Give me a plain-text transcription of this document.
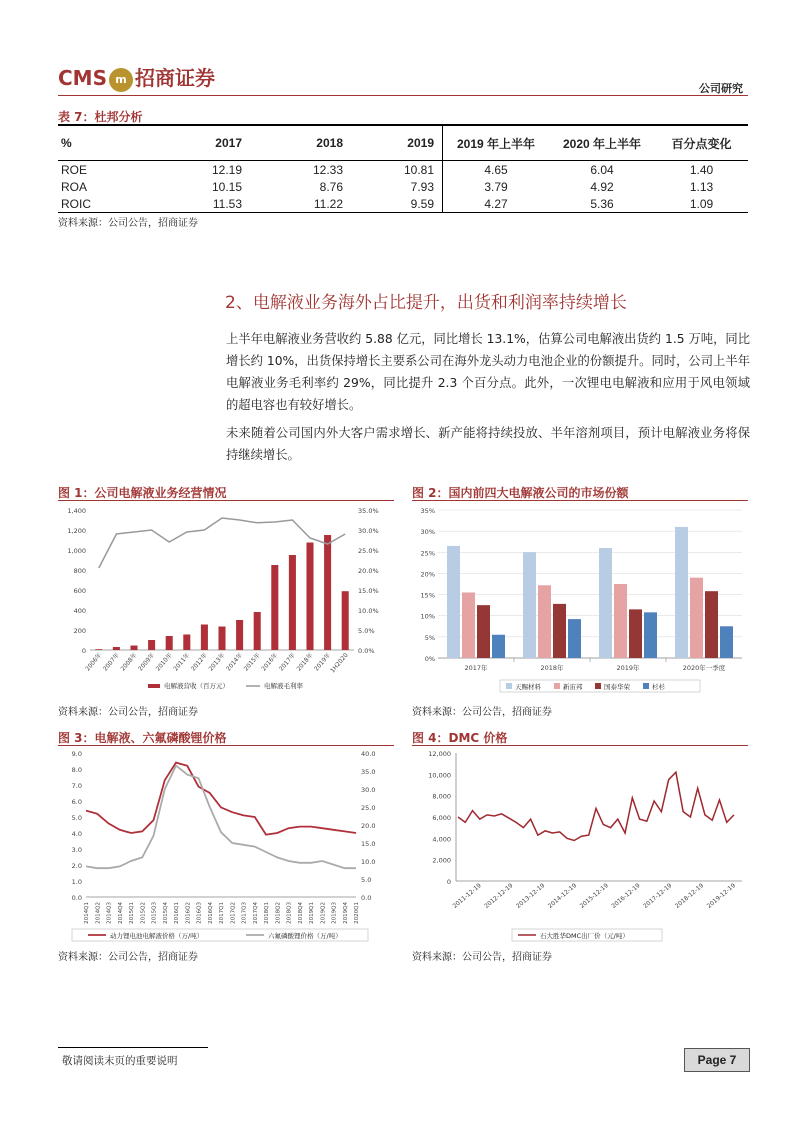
CMS m 招商证券	公司研究
表 7：杜邦分析
%	2017	2018	2019	2019 年上半年	2020 年上半年	百分点变化
ROE	12.19	12.33	10.81	4.65	6.04	1.40
ROA	10.15	8.76	7.93	3.79	4.92	1.13
ROIC	11.53	11.22	9.59	4.27	5.36	1.09
资料来源：公司公告，招商证券
2、电解液业务海外占比提升，出货和利润率持续增长
上半年电解液业务营收约 5.88 亿元，同比增长 13.1%，估算公司电解液出货约 1.5 万吨，同比增长约 10%，出货保持增长主要系公司在海外龙头动力电池企业的份额提升。同时，公司上半年电解液业务毛利率约 29%，同比提升 2.3 个百分点。此外，一次锂电电解液和应用于风电领域的超电容也有较好增长。
未来随着公司国内外大客户需求增长、新产能将持续投放、半年溶剂项目，预计电解液业务将保持继续增长。
图 1：公司电解液业务经营情况	图 2：国内前四大电解液公司的市场份额
图 3：电解液、六氟磷酸锂价格	图 4：DMC 价格
0
200
400
600
800
1,000
1,200
1,400
0.0%
5.0%
10.0%
15.0%
20.0%
25.0%
30.0%
35.0%
2006年
2007年
2008年
2009年
2010年
2011年
2012年
2013年
2014年
2015年
2016年
2017年
2018年
2019年
1H2020
电解液营收（百万元）	电解液毛利率
0%
5%
10%
15%
20%
25%
30%
35%
2017年	2018年	2019年	2020年一季度
天赐材料	新宙邦	国泰华荣	杉杉
0.0
1.0
2.0
3.0
4.0
5.0
6.0
7.0
8.0
9.0
0.0
5.0
10.0
15.0
20.0
25.0
30.0
35.0
40.0
2014Q1 2014Q2 2014Q3 2014Q4 2015Q1 2015Q2 2015Q3 2015Q4 2016Q1 2016Q2 2016Q3 2016Q4 2017Q1 2017Q2 2017Q3 2017Q4 2018Q1 2018Q2 2018Q3 2018Q4 2019Q1 2019Q2 2019Q3 2019Q4 2020Q1
动力锂电池电解液价格（万/吨）	六氟磷酸锂价格（万/吨）
0
2,000
4,000
6,000
8,000
10,000
12,000
2011-12-19 2012-12-19 2013-12-19 2014-12-19 2015-12-19 2016-12-19 2017-12-19 2018-12-19 2019-12-19
石大胜华DMC出厂价（元/吨）
资料来源：公司公告，招商证券	资料来源：公司公告，招商证券
资料来源：公司公告，招商证券	资料来源：公司公告，招商证券
敬请阅读末页的重要说明	Page 7
